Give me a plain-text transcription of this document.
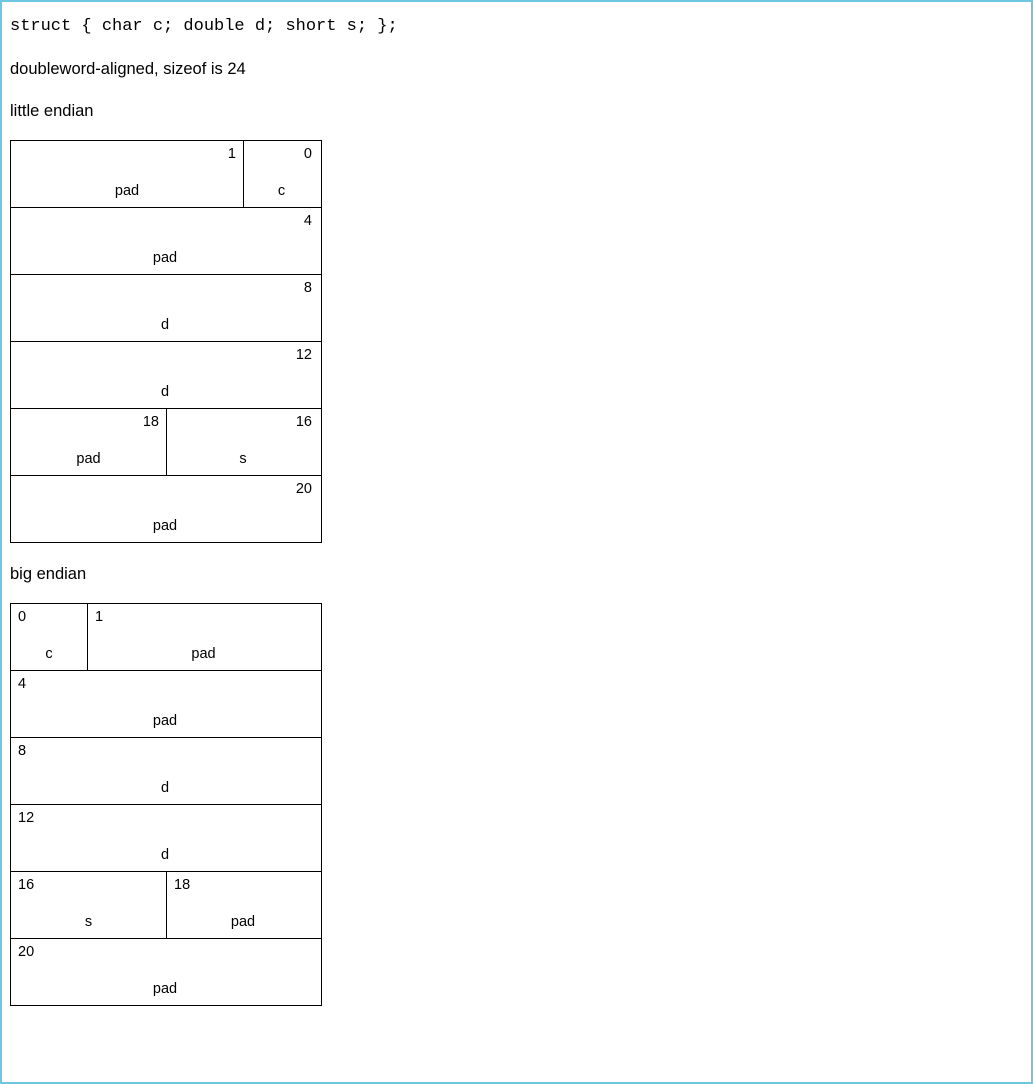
struct { char c; double d; short s; };
doubleword-aligned, sizeof is 24
little endian
1
pad
0
c
4
pad
8
d
12
d
18
pad
16
s
20
pad
big endian
0
c
1
pad
4
pad
8
d
12
d
16
s
18
pad
20
pad
